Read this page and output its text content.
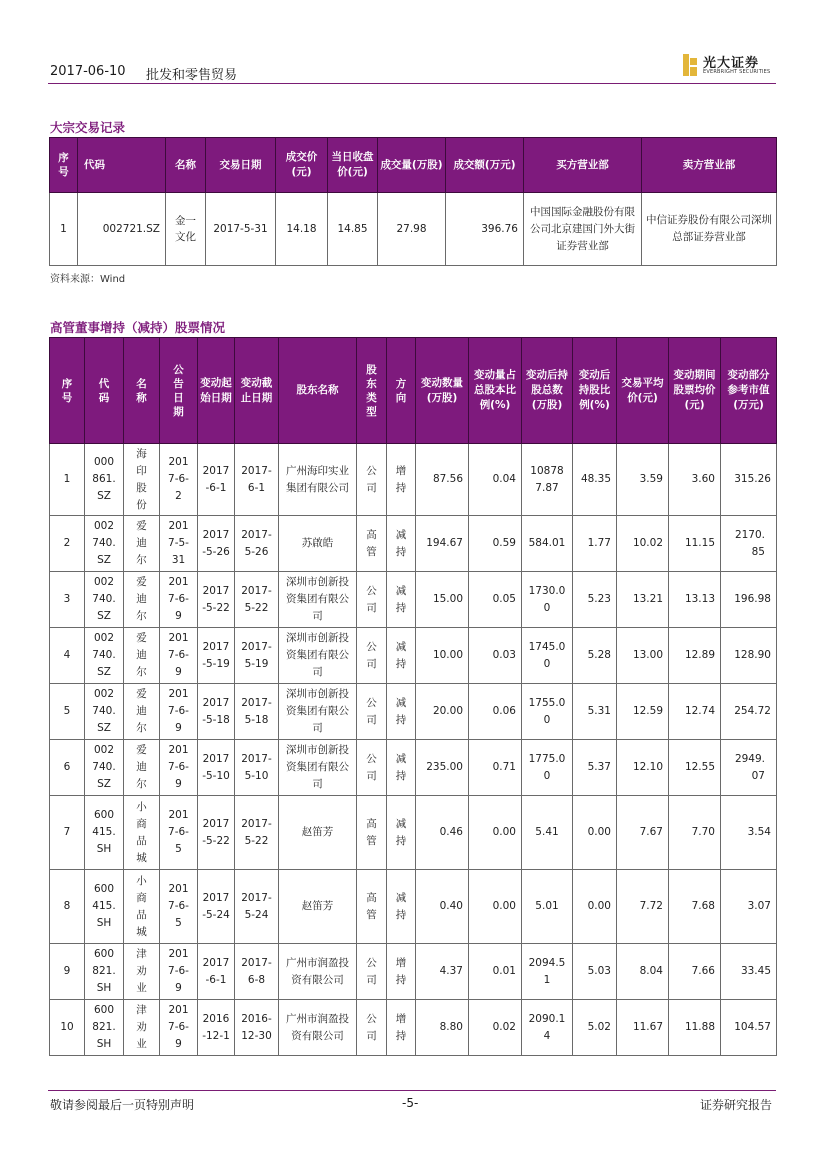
2017-06-10 批发和零售贸易
光大证券
EVERBRIGHT SECURITIES
大宗交易记录
序号	代码	名称	交易日期	成交价(元)	当日收盘价(元)	成交量(万股)	成交额(万元)	买方营业部	卖方营业部
1	002721.SZ	金一文化	2017-5-31	14.18	14.85	27.98	396.76	中国国际金融股份有限公司北京建国门外大街证券营业部	中信证券股份有限公司深圳总部证券营业部
资料来源：Wind
高管董事增持（减持）股票情况
序号	代码	名称	公告日期	变动起始日期	变动截止日期	股东名称	股东类型	方向	变动数量(万股)	变动量占总股本比例(%)	变动后持股总数(万股)	变动后持股比例(%)	交易平均价(元)	变动期间股票均价(元)	变动部分参考市值(万元)
1	000861.SZ	海印股份	2017-6-2	2017-6-1	2017-6-1	广州海印实业集团有限公司	公司	增持	87.56	0.04	108787.87	48.35	3.59	3.60	315.26
2	002740.SZ	爱迪尔	2017-5-31	2017-5-26	2017-5-26	苏啟皓	高管	减持	194.67	0.59	584.01	1.77	10.02	11.15	2170.85

3	002740.SZ	爱迪尔	2017-6-9	2017-5-22	2017-5-22	深圳市创新投资集团有限公司	公司	减持	15.00	0.05	1730.00	5.23	13.21	13.13	196.98
4	002740.SZ	爱迪尔	2017-6-9	2017-5-19	2017-5-19	深圳市创新投资集团有限公司	公司	减持	10.00	0.03	1745.00	5.28	13.00	12.89	128.90
5	002740.SZ	爱迪尔	2017-6-9	2017-5-18	2017-5-18	深圳市创新投资集团有限公司	公司	减持	20.00	0.06	1755.00	5.31	12.59	12.74	254.72
6	002740.SZ	爱迪尔	2017-6-9	2017-5-10	2017-5-10	深圳市创新投资集团有限公司	公司	减持	235.00	0.71	1775.00	5.37	12.10	12.55	2949.07

7	600415.SH	小商品城	2017-6-5	2017-5-22	2017-5-22	赵笛芳	高管	减持	0.46	0.00	5.41	0.00	7.67	7.70	3.54
8	600415.SH	小商品城	2017-6-5	2017-5-24	2017-5-24	赵笛芳	高管	减持	0.40	0.00	5.01	0.00	7.72	7.68	3.07
9	600821.SH	津劝业	2017-6-9	2017-6-1	2017-6-8	广州市润盈投资有限公司	公司	增持	4.37	0.01	2094.51	5.03	8.04	7.66	33.45
10	600821.SH	津劝业	2017-6-9	2016-12-1	2016-12-30	广州市润盈投资有限公司	公司	增持	8.80	0.02	2090.14	5.02	11.67	11.88	104.57
敬请参阅最后一页特别声明	-5-	证券研究报告
